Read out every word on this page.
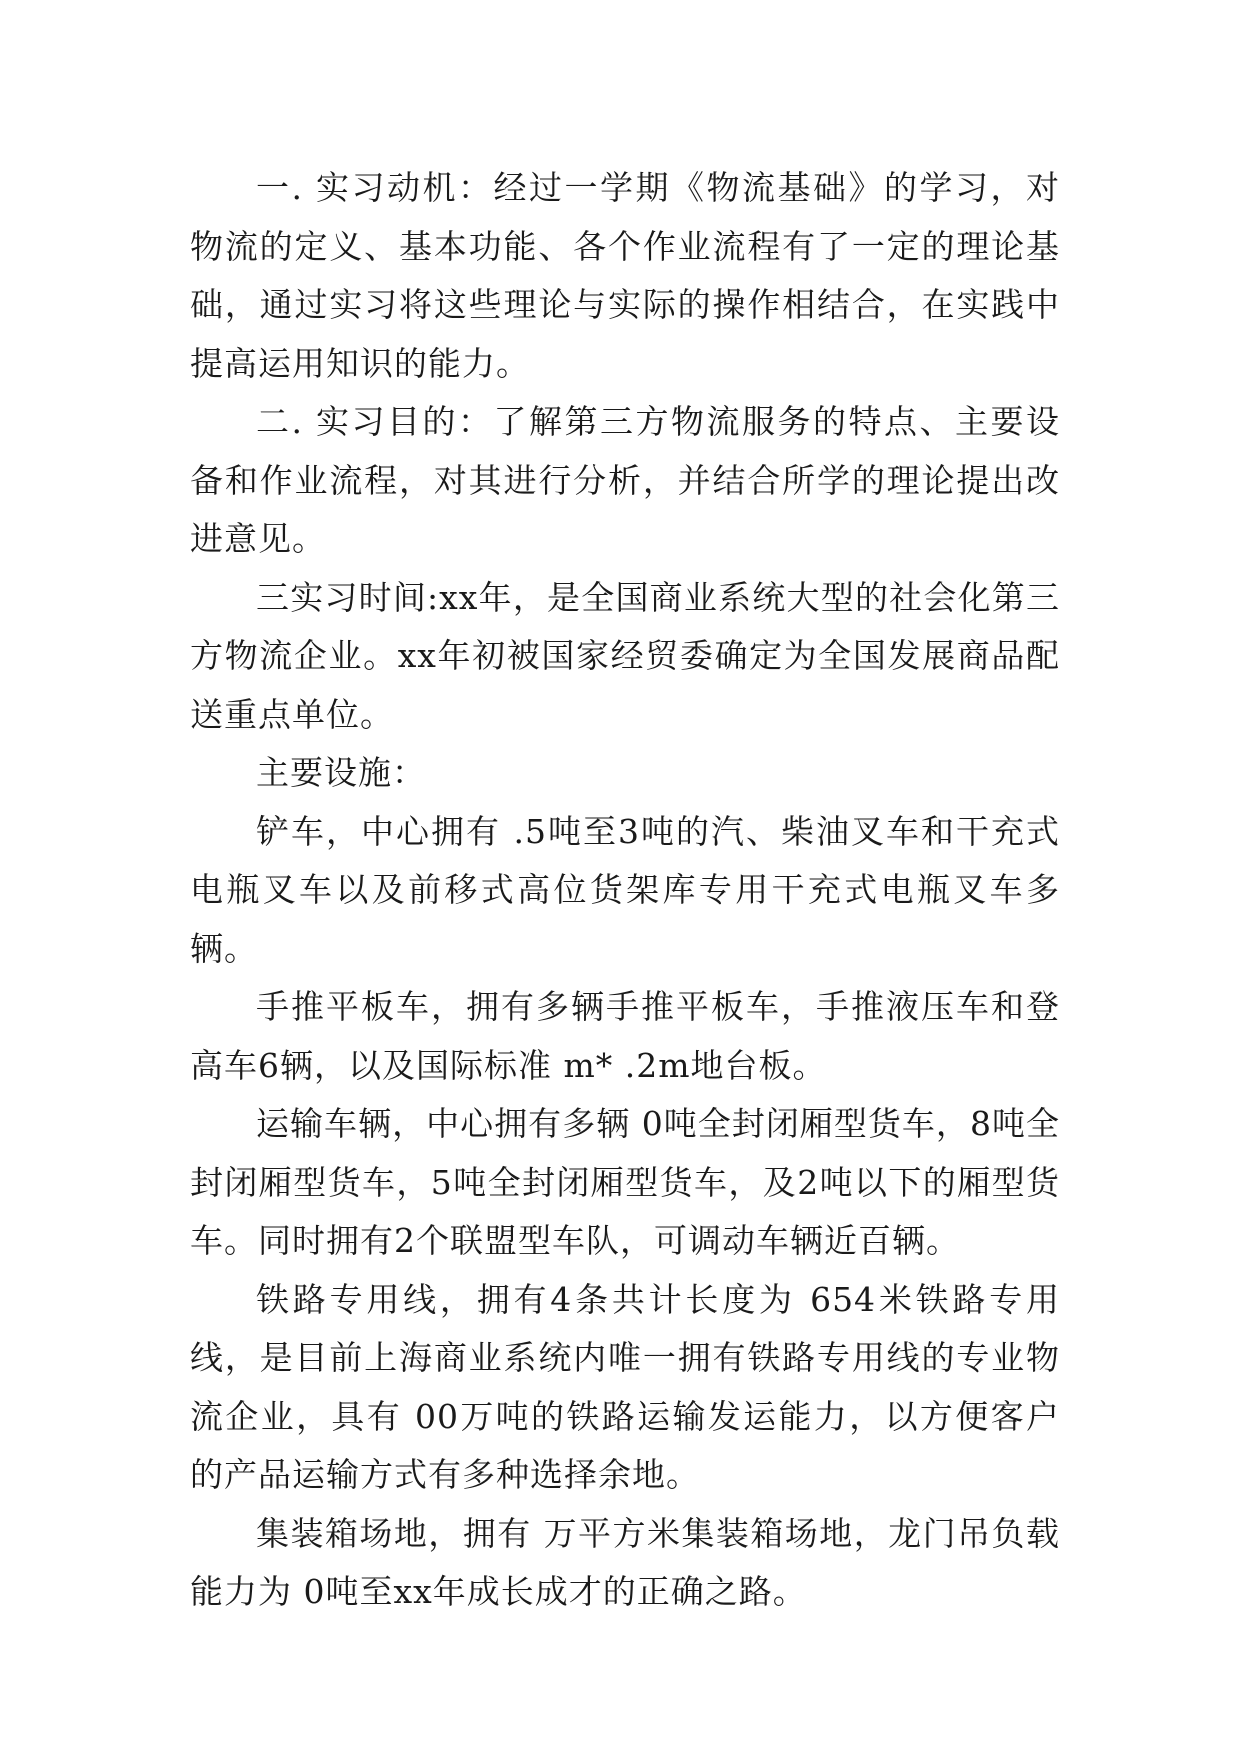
一. 实习动机：经过一学期《物流基础》的学习，对物流的定义、基本功能、各个作业流程有了一定的理论基础，通过实习将这些理论与实际的操作相结合，在实践中提高运用知识的能力。

二. 实习目的：了解第三方物流服务的特点、主要设备和作业流程，对其进行分析，并结合所学的理论提出改进意见。

三实习时间:xx年，是全国商业系统大型的社会化第三方物流企业。xx年初被国家经贸委确定为全国发展商品配送重点单位。

主要设施：

铲车，中心拥有 .5吨至3吨的汽、柴油叉车和干充式电瓶叉车以及前移式高位货架库专用干充式电瓶叉车多辆。

手推平板车，拥有多辆手推平板车，手推液压车和登高车6辆，以及国际标准 m* .2m地台板。

运输车辆，中心拥有多辆 0吨全封闭厢型货车，8吨全封闭厢型货车，5吨全封闭厢型货车，及2吨以下的厢型货车。同时拥有2个联盟型车队，可调动车辆近百辆。

铁路专用线，拥有4条共计长度为 654米铁路专用线，是目前上海商业系统内唯一拥有铁路专用线的专业物流企业，具有 00万吨的铁路运输发运能力，以方便客户的产品运输方式有多种选择余地。

集装箱场地，拥有 万平方米集装箱场地，龙门吊负载能力为 0吨至xx年成长成才的正确之路。
